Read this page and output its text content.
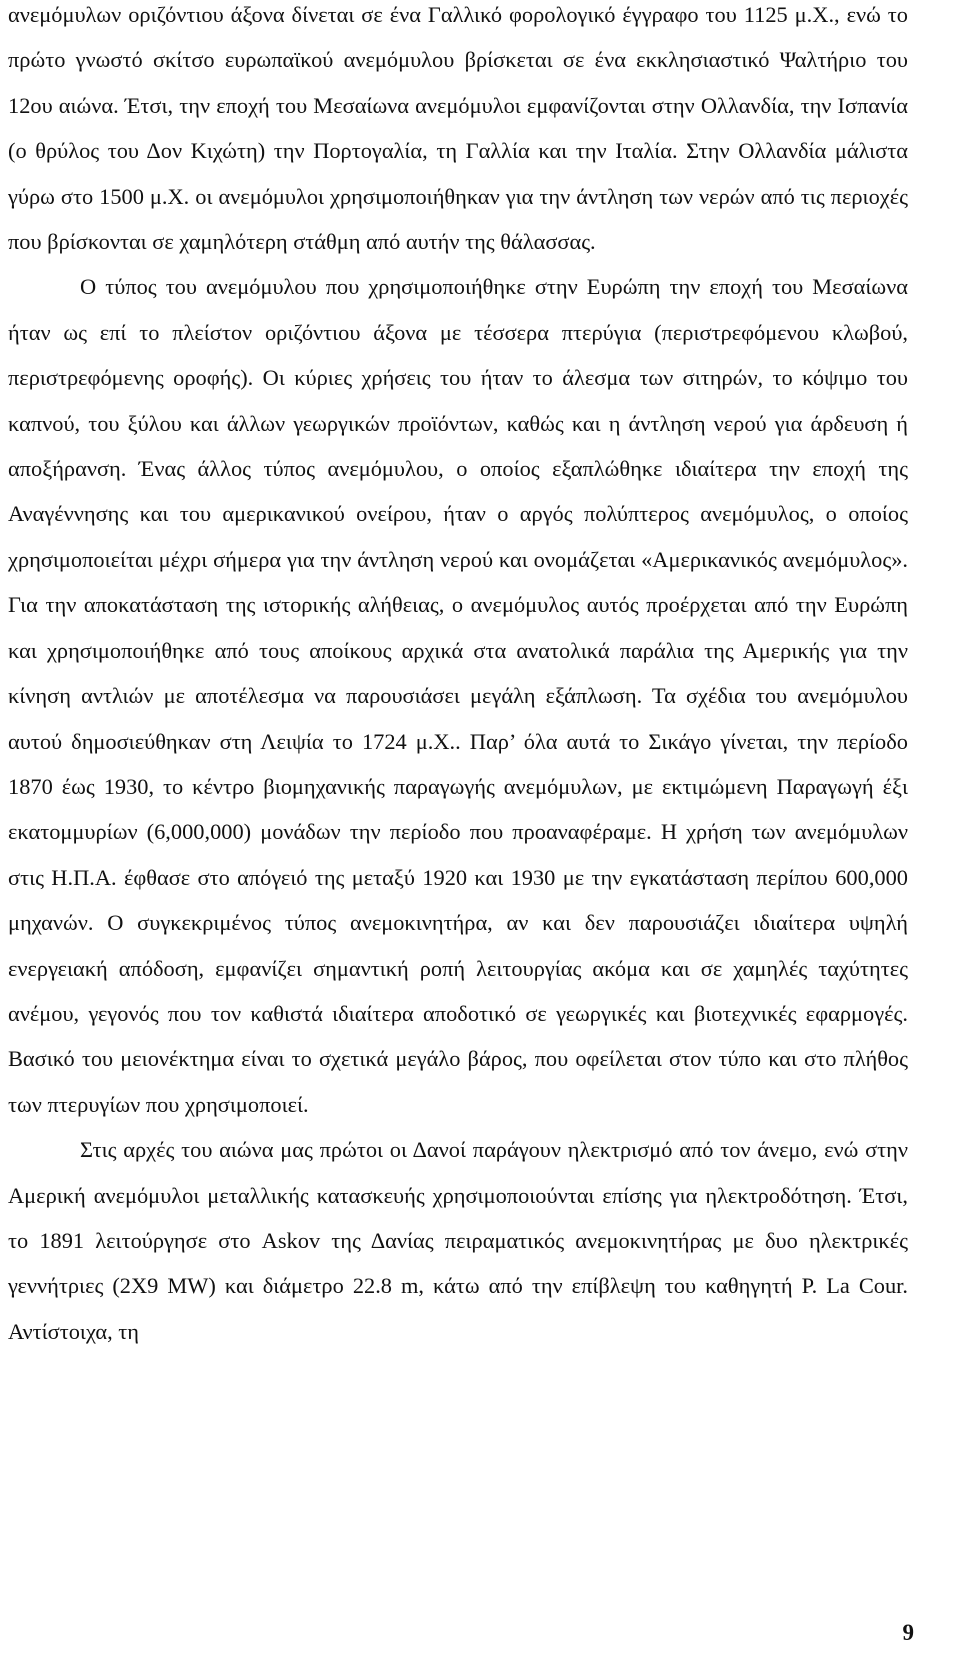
ανεμόμυλων οριζόντιου άξονα δίνεται σε ένα Γαλλικό φορολογικό έγγραφο του 1125 μ.Χ., ενώ το πρώτο γνωστό σκίτσο ευρωπαϊκού ανεμόμυλου βρίσκεται σε ένα εκκλησιαστικό Ψαλτήριο του 12ου αιώνα. Έτσι, την εποχή του Μεσαίωνα ανεμόμυλοι εμφανίζονται στην Ολλανδία, την Ισπανία (ο θρύλος του Δον Κιχώτη) την Πορτογαλία, τη Γαλλία και την Ιταλία. Στην Ολλανδία μάλιστα γύρω στο 1500 μ.Χ. οι ανεμόμυλοι χρησιμοποιήθηκαν για την άντληση των νερών από τις περιοχές που βρίσκονται σε χαμηλότερη στάθμη από αυτήν της θάλασσας.

Ο τύπος του ανεμόμυλου που χρησιμοποιήθηκε στην Ευρώπη την εποχή του Μεσαίωνα ήταν ως επί το πλείστον οριζόντιου άξονα με τέσσερα πτερύγια (περιστρεφόμενου κλωβού, περιστρεφόμενης οροφής). Οι κύριες χρήσεις του ήταν το άλεσμα των σιτηρών, το κόψιμο του καπνού, του ξύλου και άλλων γεωργικών προϊόντων, καθώς και η άντληση νερού για άρδευση ή αποξήρανση. Ένας άλλος τύπος ανεμόμυλου, ο οποίος εξαπλώθηκε ιδιαίτερα την εποχή της Αναγέννησης και του αμερικανικού ονείρου, ήταν ο αργός πολύπτερος ανεμόμυλος, ο οποίος χρησιμοποιείται μέχρι σήμερα για την άντληση νερού και ονομάζεται «Αμερικανικός ανεμόμυλος». Για την αποκατάσταση της ιστορικής αλήθειας, ο ανεμόμυλος αυτός προέρχεται από την Ευρώπη και χρησιμοποιήθηκε από τους αποίκους αρχικά στα ανατολικά παράλια της Αμερικής για την κίνηση αντλιών με αποτέλεσμα να παρουσιάσει μεγάλη εξάπλωση. Τα σχέδια του ανεμόμυλου αυτού δημοσιεύθηκαν στη Λειψία το 1724 μ.Χ.. Παρ’ όλα αυτά το Σικάγο γίνεται, την περίοδο 1870 έως 1930, το κέντρο βιομηχανικής παραγωγής ανεμόμυλων, με εκτιμώμενη Παραγωγή έξι εκατομμυρίων (6,000,000) μονάδων την περίοδο που προαναφέραμε. Η χρήση των ανεμόμυλων στις Η.Π.Α. έφθασε στο απόγειό της μεταξύ 1920 και 1930 με την εγκατάσταση περίπου 600,000 μηχανών. Ο συγκεκριμένος τύπος ανεμοκινητήρα, αν και δεν παρουσιάζει ιδιαίτερα υψηλή ενεργειακή απόδοση, εμφανίζει σημαντική ροπή λειτουργίας ακόμα και σε χαμηλές ταχύτητες ανέμου, γεγονός που τον καθιστά ιδιαίτερα αποδοτικό σε γεωργικές και βιοτεχνικές εφαρμογές. Βασικό του μειονέκτημα είναι το σχετικά μεγάλο βάρος, που οφείλεται στον τύπο και στο πλήθος των πτερυγίων που χρησιμοποιεί.

Στις αρχές του αιώνα μας πρώτοι οι Δανοί παράγουν ηλεκτρισμό από τον άνεμο, ενώ στην Αμερική ανεμόμυλοι μεταλλικής κατασκευής χρησιμοποιούνται επίσης για ηλεκτροδότηση. Έτσι, το 1891 λειτούργησε στο Askov της Δανίας πειραματικός ανεμοκινητήρας με δυο ηλεκτρικές γεννήτριες (2Χ9 MW) και διάμετρο 22.8 m, κάτω από την επίβλεψη του καθηγητή P. La Cour. Αντίστοιχα, τη

9
